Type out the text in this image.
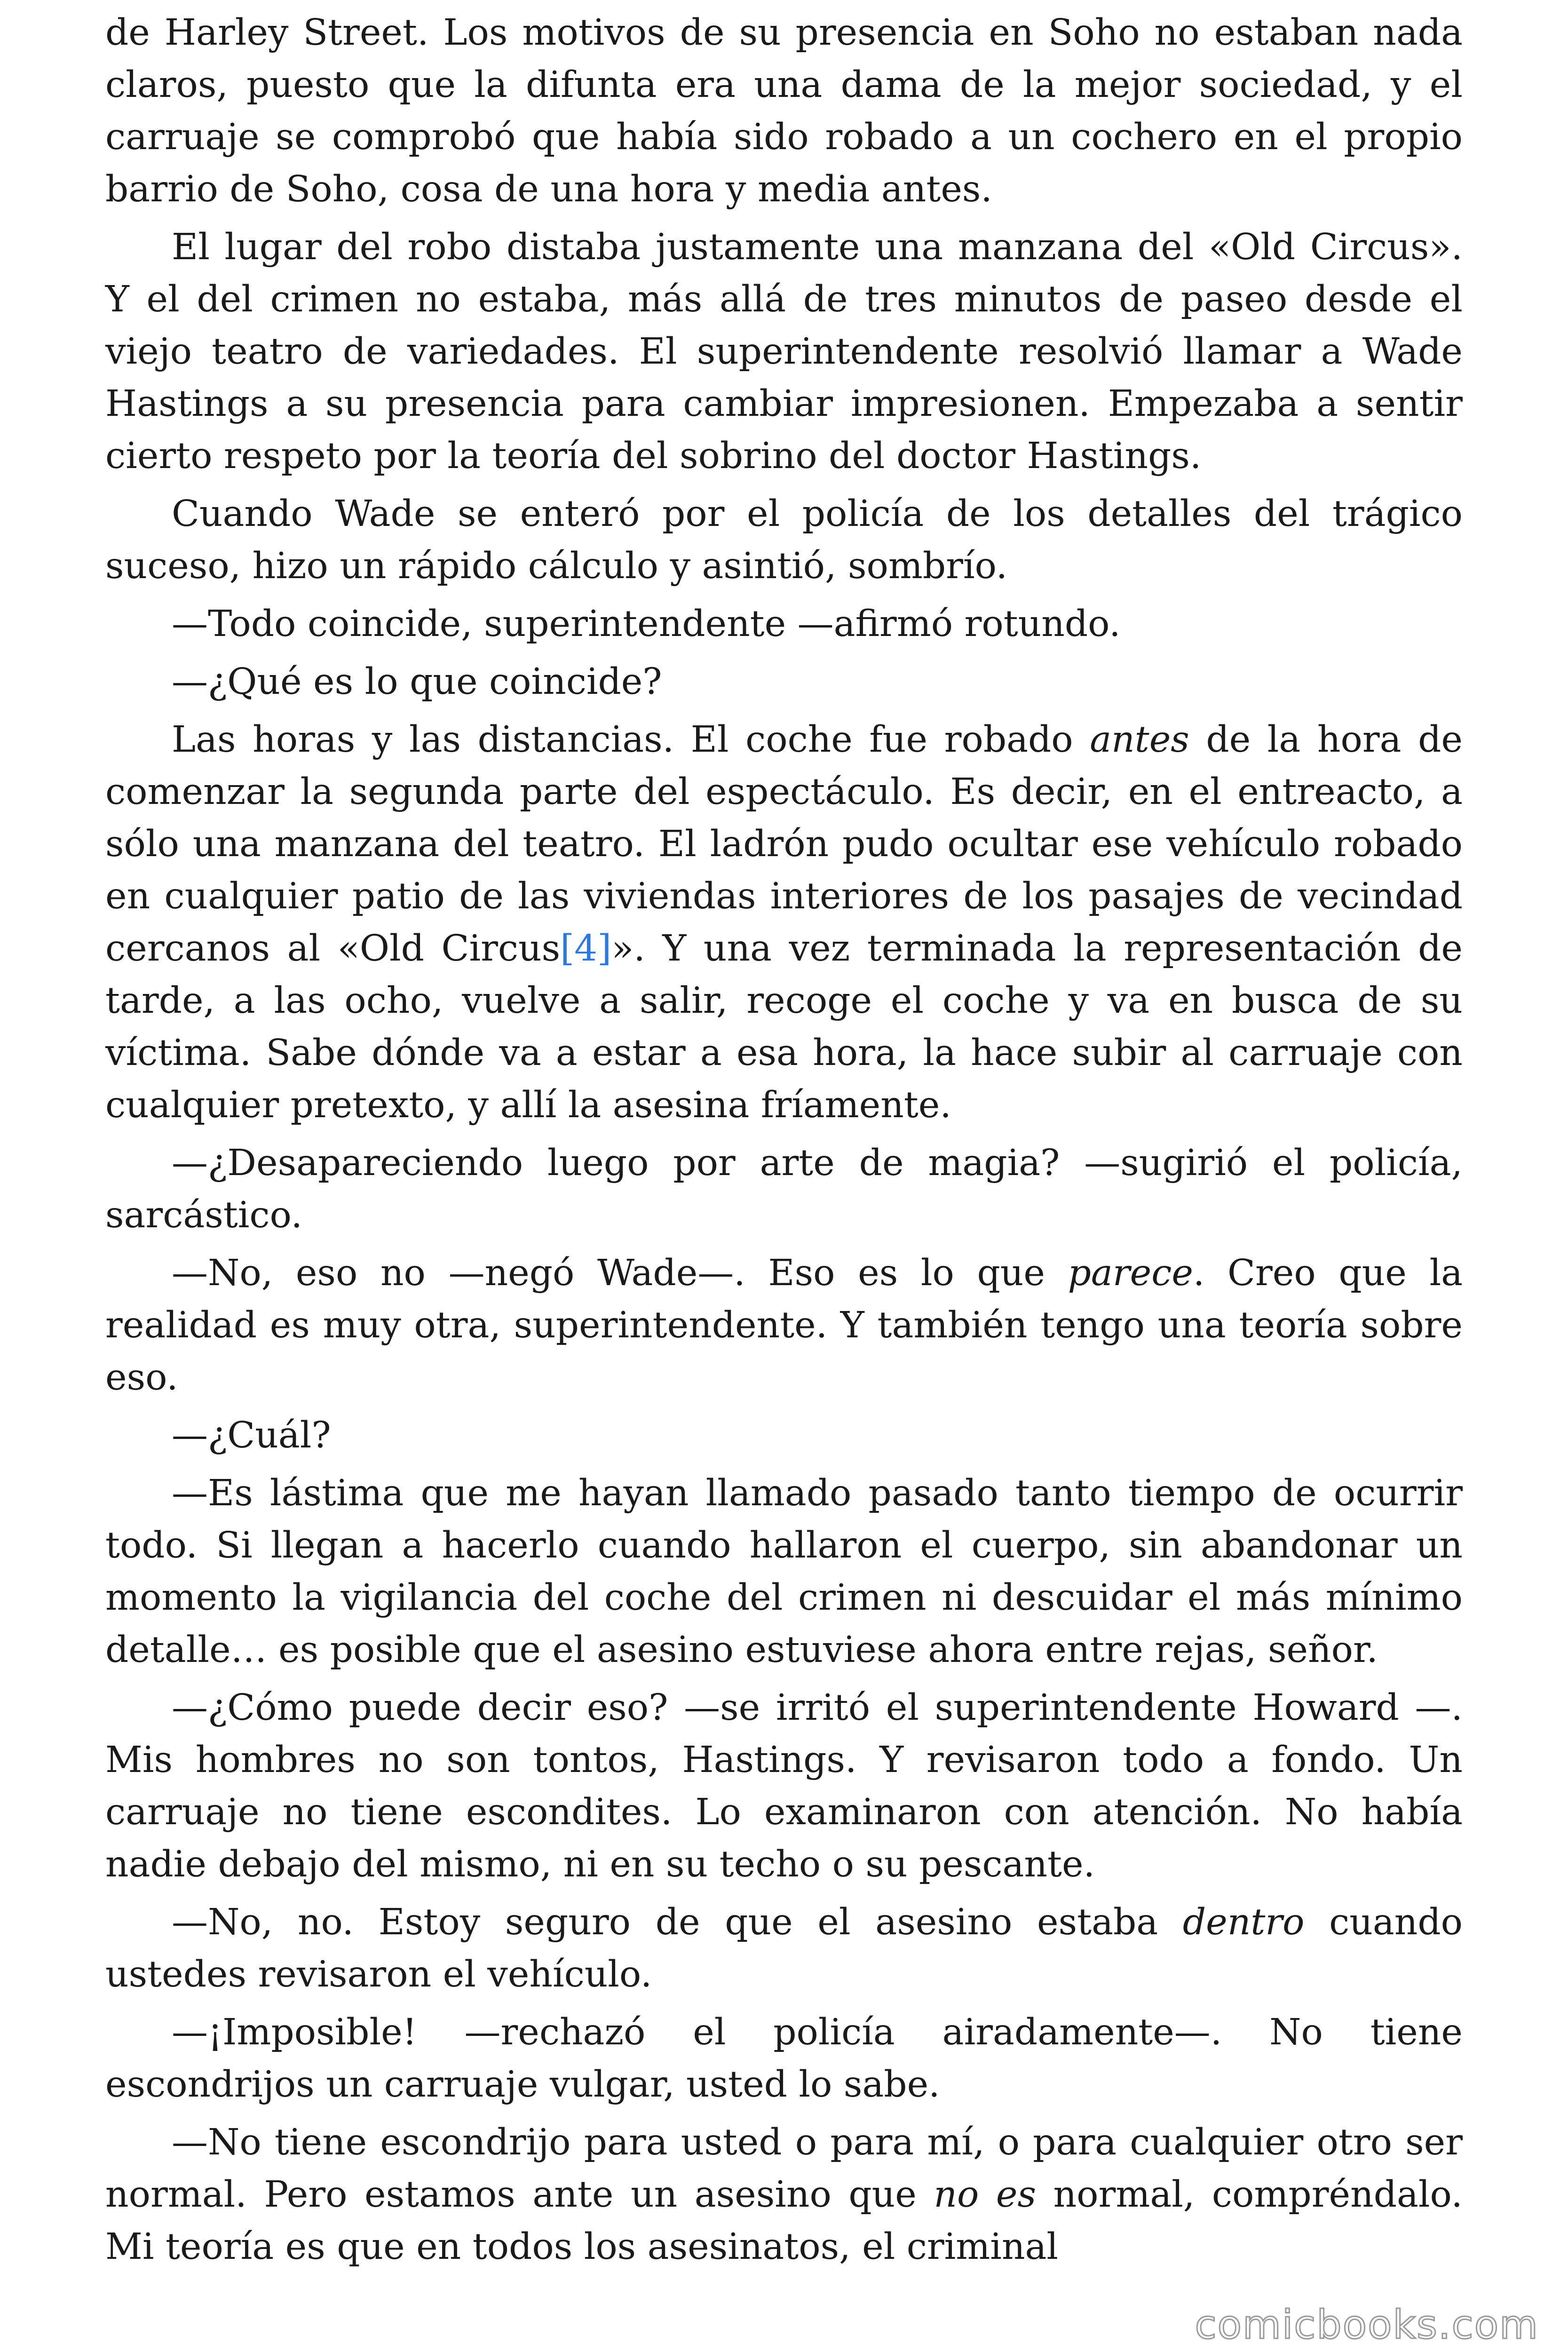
de Harley Street. Los motivos de su presencia en Soho no estaban nada claros, puesto que la difunta era una dama de la mejor sociedad, y el carruaje se comprobó que había sido robado a un cochero en el propio barrio de Soho, cosa de una hora y media antes.

El lugar del robo distaba justamente una manzana del «Old Circus». Y el del crimen no estaba, más allá de tres minutos de paseo desde el viejo teatro de variedades. El superintendente resolvió llamar a Wade Hastings a su presencia para cambiar impresionen. Empezaba a sentir cierto respeto por la teoría del sobrino del doctor Hastings.

Cuando Wade se enteró por el policía de los detalles del trágico suceso, hizo un rápido cálculo y asintió, sombrío.

—Todo coincide, superintendente —afirmó rotundo.

—¿Qué es lo que coincide?

Las horas y las distancias. El coche fue robado antes de la hora de comenzar la segunda parte del espectáculo. Es decir, en el entreacto, a sólo una manzana del teatro. El ladrón pudo ocultar ese vehículo robado en cualquier patio de las viviendas interiores de los pasajes de vecindad cercanos al «Old Circus[4]». Y una vez terminada la representación de tarde, a las ocho, vuelve a salir, recoge el coche y va en busca de su víctima. Sabe dónde va a estar a esa hora, la hace subir al carruaje con cualquier pretexto, y allí la asesina fríamente.

—¿Desapareciendo luego por arte de magia? —sugirió el policía, sarcástico.

—No, eso no —negó Wade—. Eso es lo que parece. Creo que la realidad es muy otra, superintendente. Y también tengo una teoría sobre eso.

—¿Cuál?

—Es lástima que me hayan llamado pasado tanto tiempo de ocurrir todo. Si llegan a hacerlo cuando hallaron el cuerpo, sin abandonar un momento la vigilancia del coche del crimen ni descuidar el más mínimo detalle… es posible que el asesino estuviese ahora entre rejas, señor.

—¿Cómo puede decir eso? —se irritó el superintendente Howard —. Mis hombres no son tontos, Hastings. Y revisaron todo a fondo. Un carruaje no tiene escondites. Lo examinaron con atención. No había nadie debajo del mismo, ni en su techo o su pescante.

—No, no. Estoy seguro de que el asesino estaba dentro cuando ustedes revisaron el vehículo.

—¡Imposible! —rechazó el policía airadamente—. No tiene escondrijos un carruaje vulgar, usted lo sabe.

—No tiene escondrijo para usted o para mí, o para cualquier otro ser normal. Pero estamos ante un asesino que no es normal, compréndalo. Mi teoría es que en todos los asesinatos, el criminal

comicbooks.com
